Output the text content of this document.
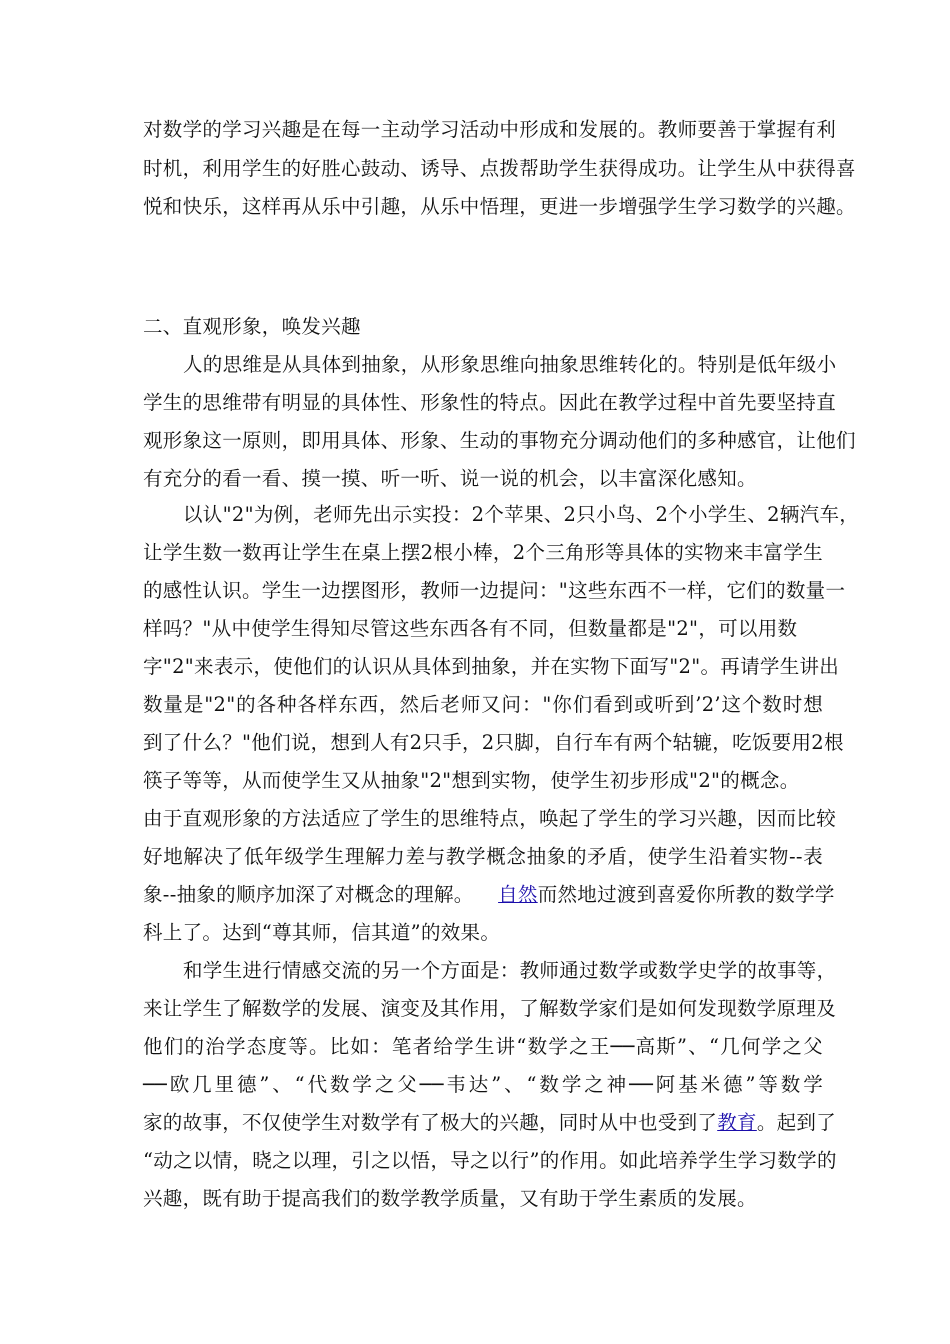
对数学的学习兴趣是在每一主动学习活动中形成和发展的。教师要善于掌握有利
时机，利用学生的好胜心鼓动、诱导、点拨帮助学生获得成功。让学生从中获得喜
悦和快乐，这样再从乐中引趣，从乐中悟理，更进一步增强学生学习数学的兴趣。
二、直观形象，唤发兴趣
人的思维是从具体到抽象，从形象思维向抽象思维转化的。特别是低年级小
学生的思维带有明显的具体性、形象性的特点。因此在教学过程中首先要坚持直
观形象这一原则，即用具体、形象、生动的事物充分调动他们的多种感官，让他们
有充分的看一看、摸一摸、听一听、说一说的机会，以丰富深化感知。
以认"2"为例，老师先出示实投：2个苹果、2只小鸟、2个小学生、2辆汽车，
让学生数一数再让学生在桌上摆2根小棒，2个三角形等具体的实物来丰富学生
的感性认识。学生一边摆图形，教师一边提问："这些东西不一样，它们的数量一
样吗？"从中使学生得知尽管这些东西各有不同，但数量都是"2"，可以用数
字"2"来表示，使他们的认识从具体到抽象，并在实物下面写"2"。再请学生讲出
数量是"2"的各种各样东西，然后老师又问："你们看到或听到’2’这个数时想
到了什么？"他们说，想到人有2只手，2只脚，自行车有两个轱辘，吃饭要用2根
筷子等等，从而使学生又从抽象"2"想到实物，使学生初步形成"2"的概念。
由于直观形象的方法适应了学生的思维特点，唤起了学生的学习兴趣，因而比较
好地解决了低年级学生理解力差与教学概念抽象的矛盾，使学生沿着实物--表
象--抽象的顺序加深了对概念的理解。 自然而然地过渡到喜爱你所教的数学学
科上了。达到“尊其师，信其道”的效果。
和学生进行情感交流的另一个方面是：教师通过数学或数学史学的故事等，
来让学生了解数学的发展、演变及其作用，了解数学家们是如何发现数学原理及
他们的治学态度等。比如：笔者给学生讲“数学之王──高斯”、“几何学之父
──欧几里德”、“代数学之父──韦达”、“数学之神──阿基米德”等数学
家的故事，不仅使学生对数学有了极大的兴趣，同时从中也受到了教育。起到了
“动之以情，晓之以理，引之以悟，导之以行”的作用。如此培养学生学习数学的
兴趣，既有助于提高我们的数学教学质量，又有助于学生素质的发展。
